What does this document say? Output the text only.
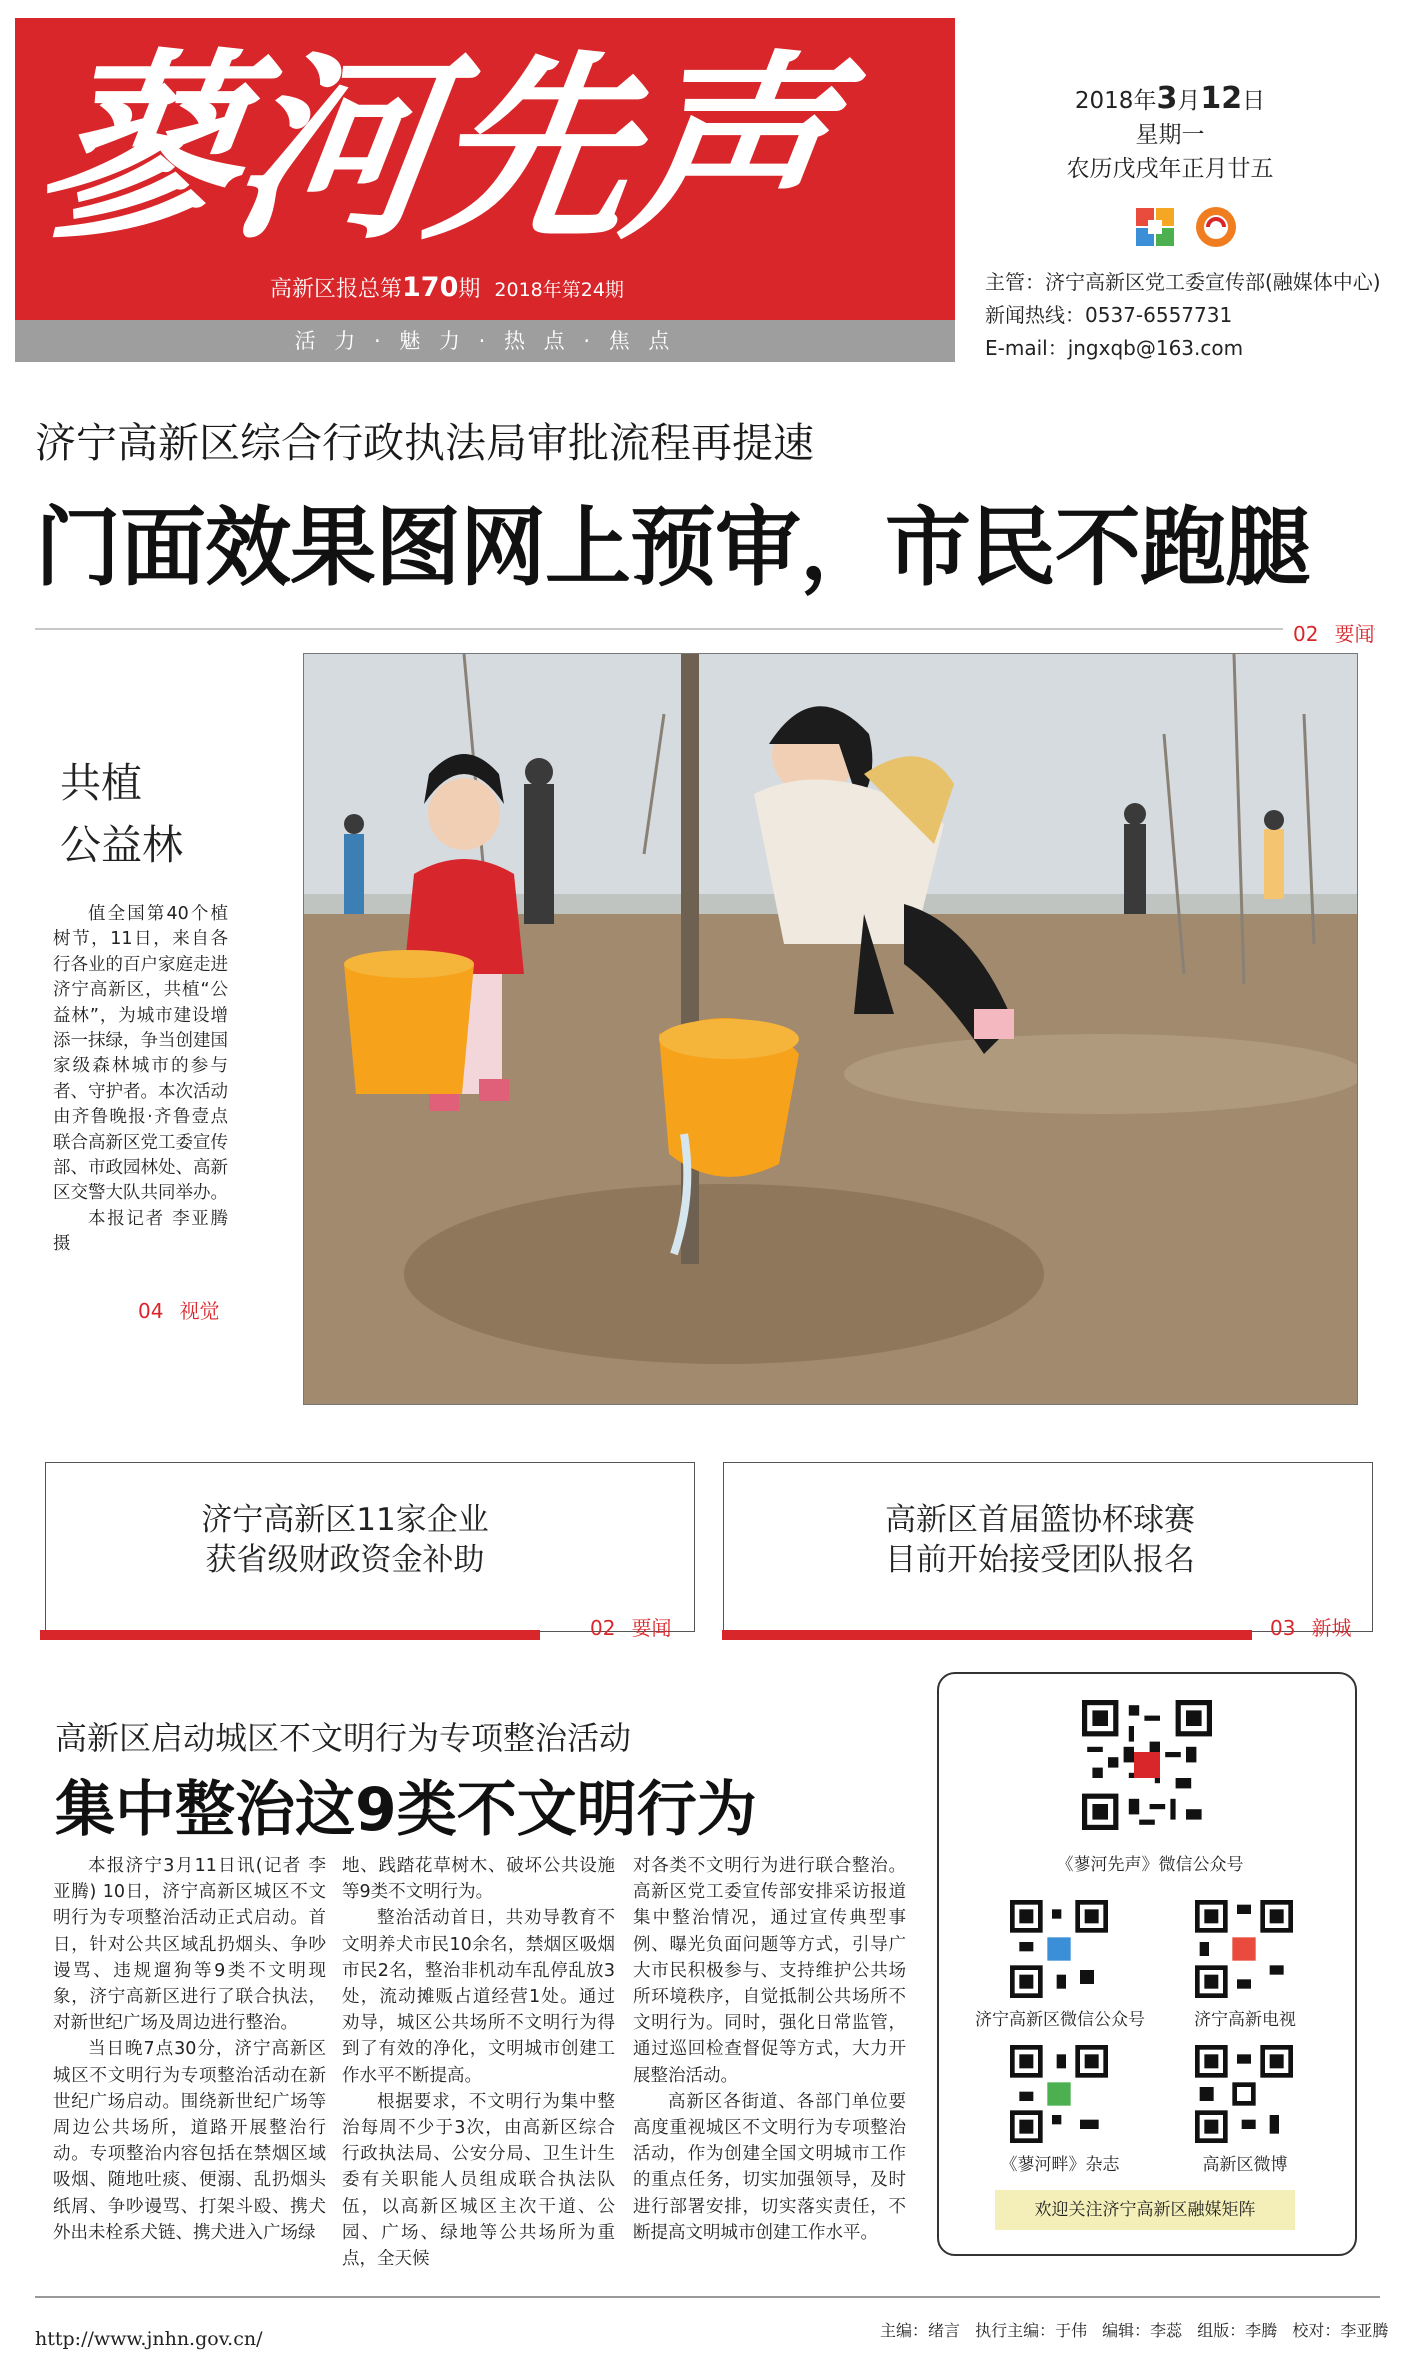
蓼河先声
高新区报总第170期 2018年第24期
活 力 · 魅 力 · 热 点 · 焦 点
2018年3月12日
星期一
农历戊戌年正月廿五
主管：济宁高新区党工委宣传部(融媒体中心)
新闻热线：0537-6557731
E-mail：jngxqb@163.com
济宁高新区综合行政执法局审批流程再提速
门面效果图网上预审，市民不跑腿
02 要闻
共植
公益林
值全国第40个植树节，11日，来自各行各业的百户家庭走进济宁高新区，共植“公益林”，为城市建设增添一抹绿，争当创建国家级森林城市的参与者、守护者。本次活动由齐鲁晚报·齐鲁壹点联合高新区党工委宣传部、市政园林处、高新区交警大队共同举办。
本报记者 李亚腾 摄
04 视觉
济宁高新区11家企业
获省级财政资金补助
02 要闻
高新区首届篮协杯球赛
目前开始接受团队报名
03 新城
高新区启动城区不文明行为专项整治活动
集中整治这9类不文明行为

本报济宁3月11日讯(记者 李亚腾) 10日，济宁高新区城区不文明行为专项整治活动正式启动。首日，针对公共区域乱扔烟头、争吵谩骂、违规遛狗等9类不文明现象，济宁高新区进行了联合执法，对新世纪广场及周边进行整治。

当日晚7点30分，济宁高新区城区不文明行为专项整治活动在新世纪广场启动。围绕新世纪广场等周边公共场所，道路开展整治行动。专项整治内容包括在禁烟区域吸烟、随地吐痰、便溺、乱扔烟头纸屑、争吵谩骂、打架斗殴、携犬外出未栓系犬链、携犬进入广场绿

地、践踏花草树木、破坏公共设施等9类不文明行为。

整治活动首日，共劝导教育不文明养犬市民10余名，禁烟区吸烟市民2名，整治非机动车乱停乱放3处，流动摊贩占道经营1处。通过劝导，城区公共场所不文明行为得到了有效的净化，文明城市创建工作水平不断提高。

根据要求，不文明行为集中整治每周不少于3次，由高新区综合行政执法局、公安分局、卫生计生委有关职能人员组成联合执法队伍，以高新区城区主次干道、公园、广场、绿地等公共场所为重点，全天候

对各类不文明行为进行联合整治。高新区党工委宣传部安排采访报道集中整治情况，通过宣传典型事例、曝光负面问题等方式，引导广大市民积极参与、支持维护公共场所环境秩序，自觉抵制公共场所不文明行为。同时，强化日常监管，通过巡回检查督促等方式，大力开展整治活动。

高新区各街道、各部门单位要高度重视城区不文明行为专项整治活动，作为创建全国文明城市工作的重点任务，切实加强领导，及时进行部署安排，切实落实责任，不断提高文明城市创建工作水平。

《蓼河先声》微信公众号
济宁高新区微信公众号	济宁高新电视
《蓼河畔》杂志	高新区微博
欢迎关注济宁高新区融媒矩阵
http://www.jnhn.gov.cn/	主编：绪言 执行主编：于伟 编辑：李蕊 组版：李腾 校对：李亚腾
